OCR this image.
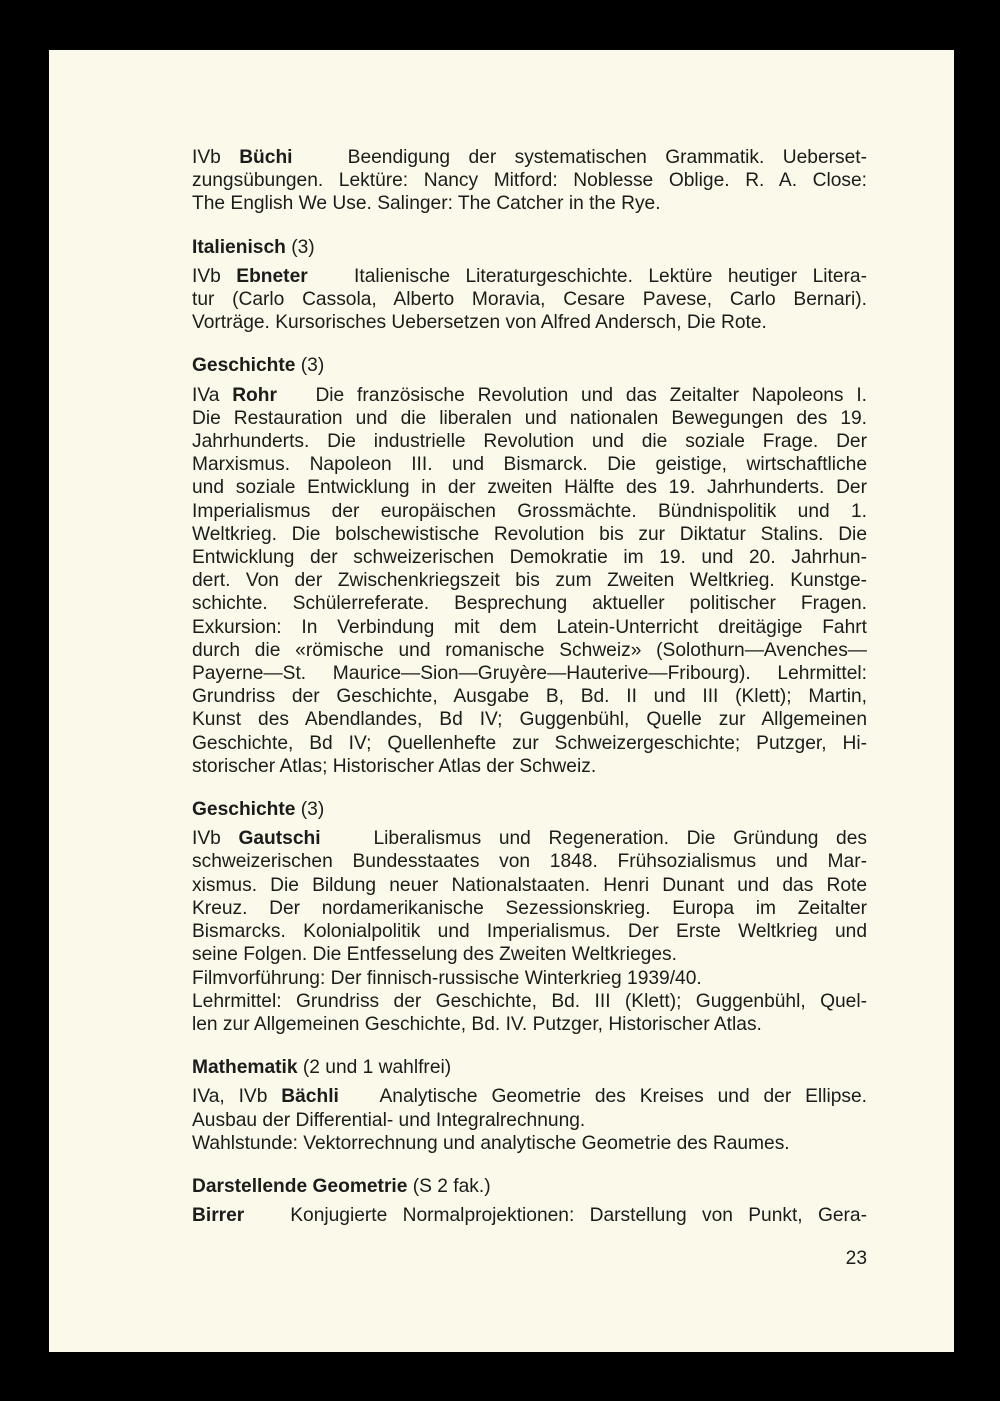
IVb Büchi	Beendigung der systematischen Grammatik. Ueberset-
zungsübungen. Lektüre: Nancy Mitford: Noblesse Oblige. R. A. Close:
The English We Use. Salinger: The Catcher in the Rye.
Italienisch (3)
IVb Ebneter Italienische Literaturgeschichte. Lektüre heutiger Litera-
tur (Carlo Cassola, Alberto Moravia, Cesare Pavese, Carlo Bernari).
Vorträge. Kursorisches Uebersetzen von Alfred Andersch, Die Rote.
Geschichte (3)
IVa Rohr Die französische Revolution und das Zeitalter Napoleons I.
Die Restauration und die liberalen und nationalen Bewegungen des 19.
Jahrhunderts. Die industrielle Revolution und die soziale Frage. Der
Marxismus. Napoleon III. und Bismarck. Die geistige, wirtschaftliche
und soziale Entwicklung in der zweiten Hälfte des 19. Jahrhunderts. Der
Imperialismus der europäischen Grossmächte. Bündnispolitik und 1.
Weltkrieg. Die bolschewistische Revolution bis zur Diktatur Stalins. Die
Entwicklung der schweizerischen Demokratie im 19. und 20. Jahrhun-
dert. Von der Zwischenkriegszeit bis zum Zweiten Weltkrieg. Kunstge-
schichte. Schülerreferate. Besprechung aktueller politischer Fragen.
Exkursion: In Verbindung mit dem Latein-Unterricht dreitägige Fahrt
durch die «römische und romanische Schweiz» (Solothurn—Avenches—
Payerne—St. Maurice—Sion—Gruyère—Hauterive—Fribourg). Lehrmittel:
Grundriss der Geschichte, Ausgabe B, Bd. II und III (Klett); Martin,
Kunst des Abendlandes, Bd IV; Guggenbühl, Quelle zur Allgemeinen
Geschichte, Bd IV; Quellenhefte zur Schweizergeschichte; Putzger, Hi-
storischer Atlas; Historischer Atlas der Schweiz.
Geschichte (3)
IVb Gautschi	Liberalismus und Regeneration. Die Gründung des
schweizerischen Bundesstaates von 1848. Frühsozialismus und Mar-
xismus. Die Bildung neuer Nationalstaaten. Henri Dunant und das Rote
Kreuz. Der nordamerikanische Sezessionskrieg. Europa im Zeitalter
Bismarcks. Kolonialpolitik und Imperialismus. Der Erste Weltkrieg und
seine Folgen. Die Entfesselung des Zweiten Weltkrieges.
Filmvorführung: Der finnisch-russische Winterkrieg 1939/40.
Lehrmittel: Grundriss der Geschichte, Bd. III (Klett); Guggenbühl, Quel-
len zur Allgemeinen Geschichte, Bd. IV. Putzger, Historischer Atlas.
Mathematik (2 und 1 wahlfrei)
IVa, IVb Bächli Analytische Geometrie des Kreises und der Ellipse.
Ausbau der Differential- und Integralrechnung.
Wahlstunde: Vektorrechnung und analytische Geometrie des Raumes.
Darstellende Geometrie (S 2 fak.)
Birrer Konjugierte Normalprojektionen: Darstellung von Punkt, Gera-
23
